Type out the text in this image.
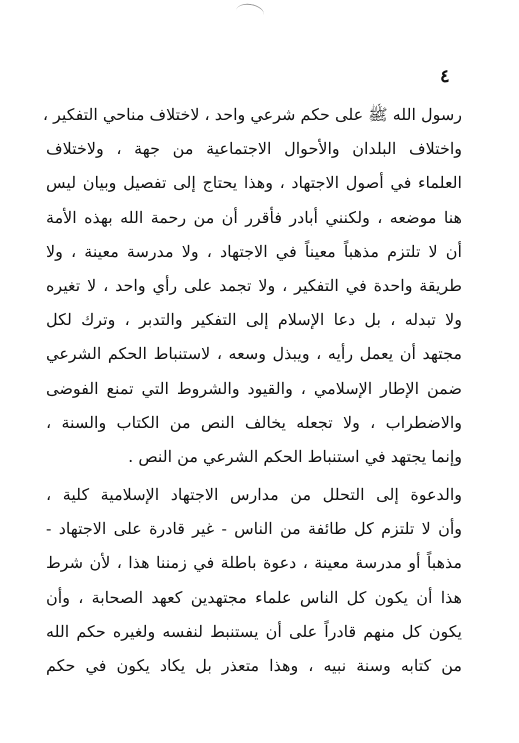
٤
رسول الله ﷺ على حكم شرعي واحد ، لاختلاف مناحي التفكير ،
واختلاف البلدان والأحوال الاجتماعية من جهة ، ولاختلاف
العلماء في أصول الاجتهاد ، وهذا يحتاج إلى تفصيل وبيان ليس
هنا موضعه ، ولكنني أبادر فأقرر أن من رحمة الله بهذه الأمة
أن لا تلتزم مذهباً معيناً في الاجتهاد ، ولا مدرسة معينة ، ولا
طريقة واحدة في التفكير ، ولا تجمد على رأي واحد ، لا تغيره
ولا تبدله ، بل دعا الإسلام إلى التفكير والتدبر ، وترك لكل
مجتهد أن يعمل رأيه ، ويبذل وسعه ، لاستنباط الحكم الشرعي
ضمن الإطار الإسلامي ، والقيود والشروط التي تمنع الفوضى
والاضطراب ، ولا تجعله يخالف النص من الكتاب والسنة ،
وإنما يجتهد في استنباط الحكم الشرعي من النص .
والدعوة إلى التحلل من مدارس الاجتهاد الإسلامية كلية ،
وأن لا تلتزم كل طائفة من الناس - غير قادرة على الاجتهاد -
مذهباً أو مدرسة معينة ، دعوة باطلة في زمننا هذا ، لأن شرط
هذا أن يكون كل الناس علماء مجتهدين كعهد الصحابة ، وأن
يكون كل منهم قادراً على أن يستنبط لنفسه ولغيره حكم الله
من كتابه وسنة نبيه ، وهذا متعذر بل يكاد يكون في حكم
